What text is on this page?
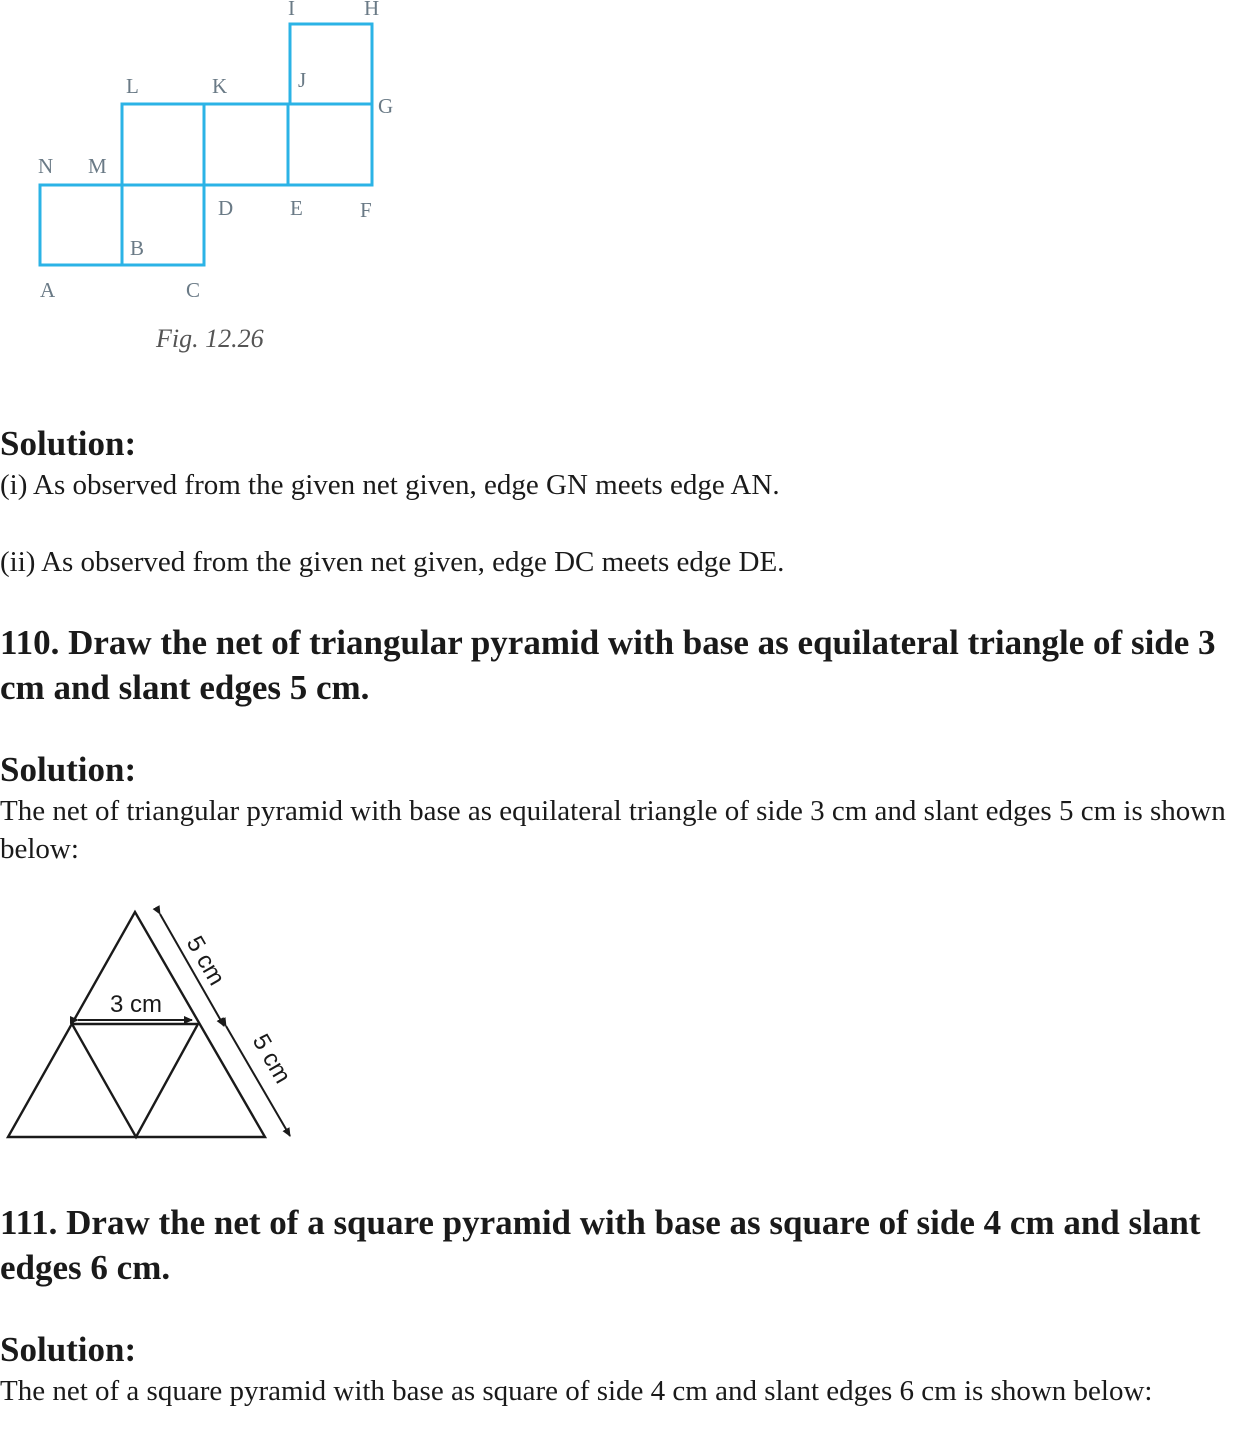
I	H
L	K	J
G
N M
D	E	F
B
A	C
Fig. 12.26
Solution:
(i) As observed from the given net given, edge GN meets edge AN.
(ii) As observed from the given net given, edge DC meets edge DE.
110. Draw the net of triangular pyramid with base as equilateral triangle of side 3 cm and slant edges 5 cm.
Solution:
The net of triangular pyramid with base as equilateral triangle of side 3 cm and slant edges 5 cm is shown below:
3 cm
5 cm
5 cm
111. Draw the net of a square pyramid with base as square of side 4 cm and slant edges 6 cm.
Solution:
The net of a square pyramid with base as square of side 4 cm and slant edges 6 cm is shown below:
